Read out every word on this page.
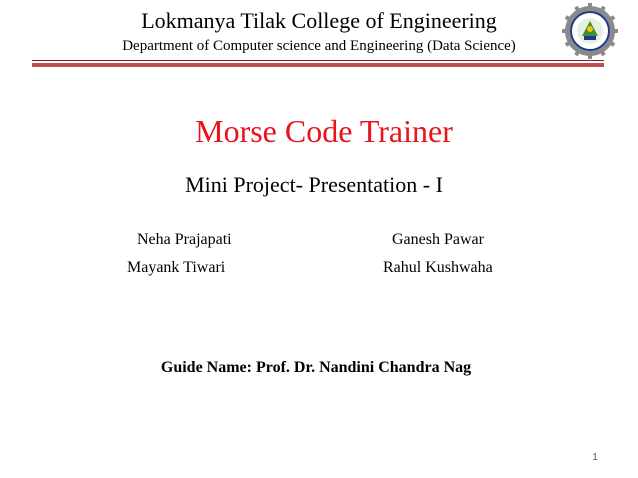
Lokmanya Tilak College of Engineering
Department of Computer science and Engineering (Data Science)
Morse Code Trainer
Mini Project- Presentation - I
Neha Prajapati
Mayank Tiwari
Ganesh Pawar
Rahul Kushwaha
Guide Name: Prof. Dr. Nandini Chandra Nag
1
